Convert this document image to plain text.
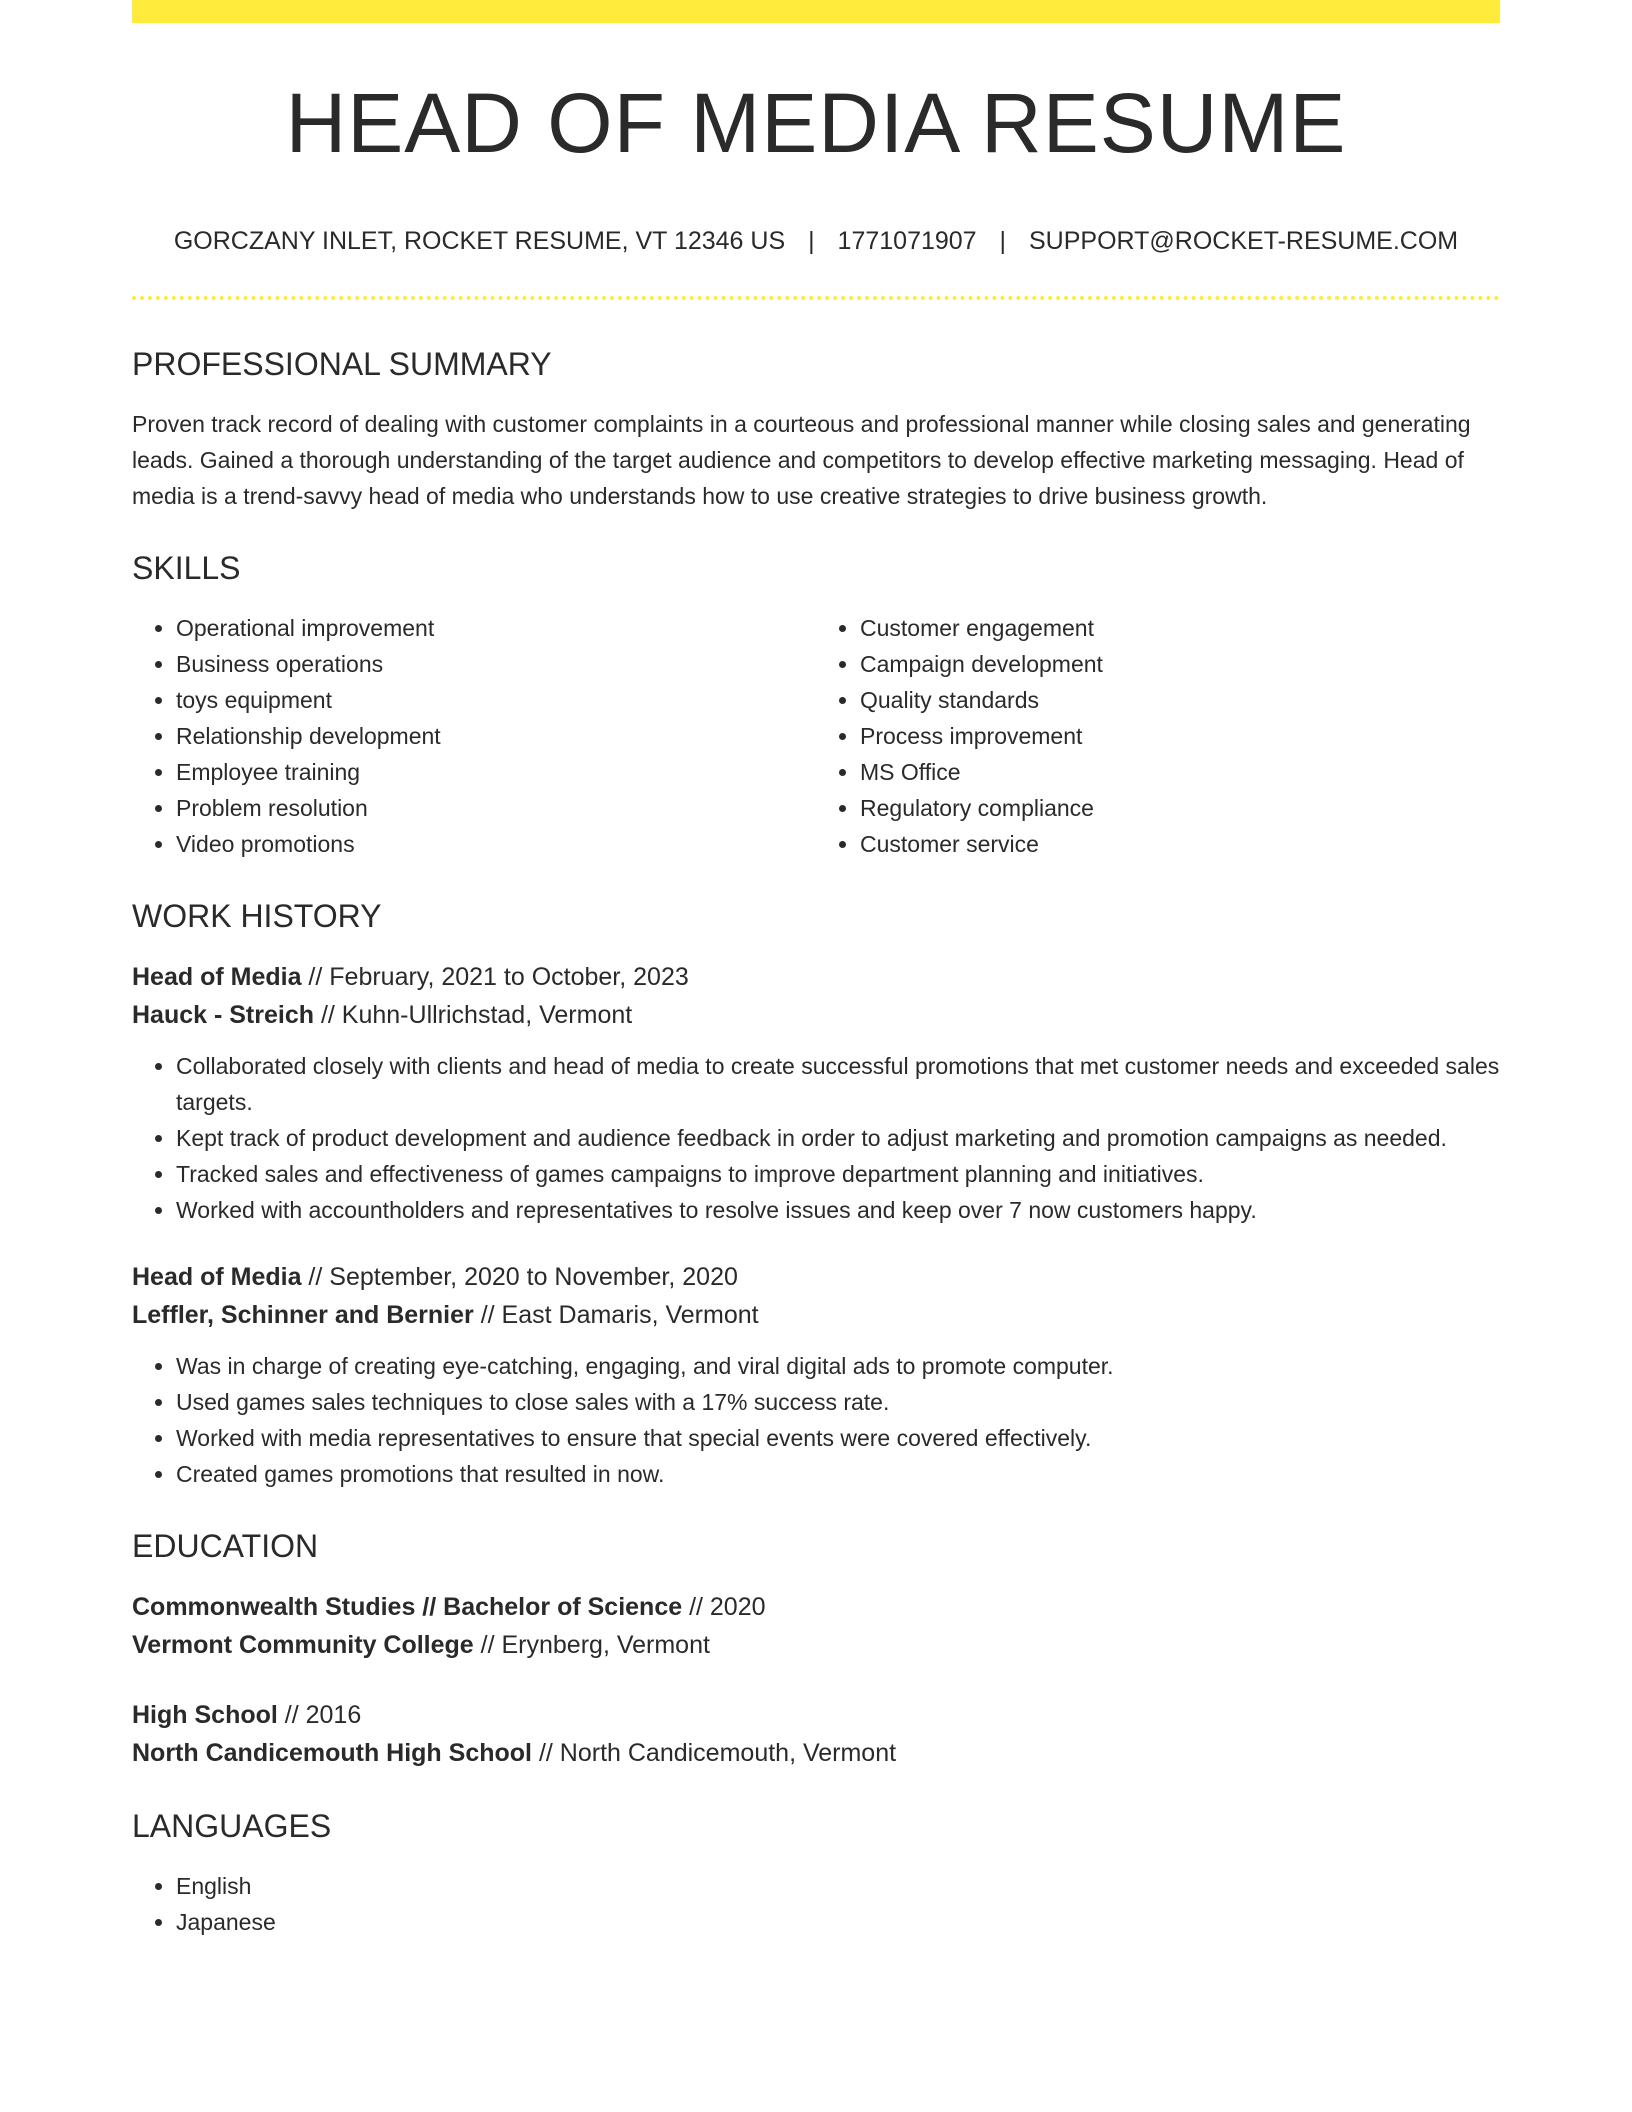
HEAD OF MEDIA RESUME
GORCZANY INLET, ROCKET RESUME, VT 12346 US | 1771071907 | SUPPORT@ROCKET-RESUME.COM
PROFESSIONAL SUMMARY

Proven track record of dealing with customer complaints in a courteous and professional manner while closing sales and generating leads. Gained a thorough understanding of the target audience and competitors to develop effective marketing messaging. Head of media is a trend-savvy head of media who understands how to use creative strategies to drive business growth.

SKILLS
• Operational improvement
• Business operations
• toys equipment
• Relationship development
• Employee training
• Problem resolution
• Video promotions
• Customer engagement
• Campaign development
• Quality standards
• Process improvement
• MS Office
• Regulatory compliance
• Customer service
WORK HISTORY
Head of Media // February, 2021 to October, 2023
Hauck - Streich // Kuhn-Ullrichstad, Vermont
• Collaborated closely with clients and head of media to create successful promotions that met customer needs and exceeded sales targets.
• Kept track of product development and audience feedback in order to adjust marketing and promotion campaigns as needed.
• Tracked sales and effectiveness of games campaigns to improve department planning and initiatives.
• Worked with accountholders and representatives to resolve issues and keep over 7 now customers happy.
Head of Media // September, 2020 to November, 2020
Leffler, Schinner and Bernier // East Damaris, Vermont
• Was in charge of creating eye-catching, engaging, and viral digital ads to promote computer.
• Used games sales techniques to close sales with a 17% success rate.
• Worked with media representatives to ensure that special events were covered effectively.
• Created games promotions that resulted in now.
EDUCATION
Commonwealth Studies // Bachelor of Science // 2020
Vermont Community College // Erynberg, Vermont
High School // 2016
North Candicemouth High School // North Candicemouth, Vermont
LANGUAGES
• English
• Japanese
